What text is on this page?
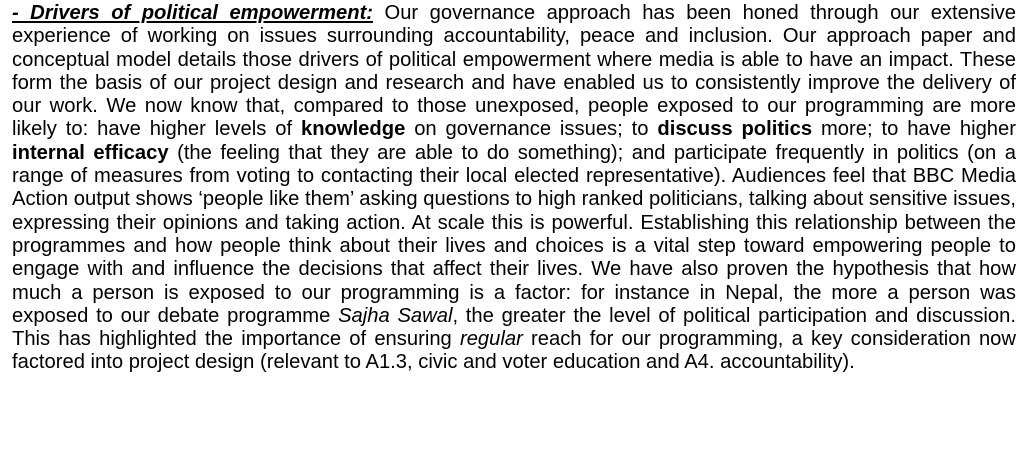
- Drivers of political empowerment: Our governance approach has been honed through our extensive experience of working on issues surrounding accountability, peace and inclusion. Our approach paper and conceptual model details those drivers of political empowerment where media is able to have an impact. These form the basis of our project design and research and have enabled us to consistently improve the delivery of our work. We now know that, compared to those unexposed, people exposed to our programming are more likely to: have higher levels of knowledge on governance issues; to discuss politics more; to have higher internal efficacy (the feeling that they are able to do something); and participate frequently in politics (on a range of measures from voting to contacting their local elected representative). Audiences feel that BBC Media Action output shows ‘people like them’ asking questions to high ranked politicians, talking about sensitive issues, expressing their opinions and taking action. At scale this is powerful. Establishing this relationship between the programmes and how people think about their lives and choices is a vital step toward empowering people to engage with and influence the decisions that affect their lives. We have also proven the hypothesis that how much a person is exposed to our programming is a factor: for instance in Nepal, the more a person was exposed to our debate programme Sajha Sawal, the greater the level of political participation and discussion. This has highlighted the importance of ensuring regular reach for our programming, a key consideration now factored into project design (relevant to A1.3, civic and voter education and A4. accountability).
